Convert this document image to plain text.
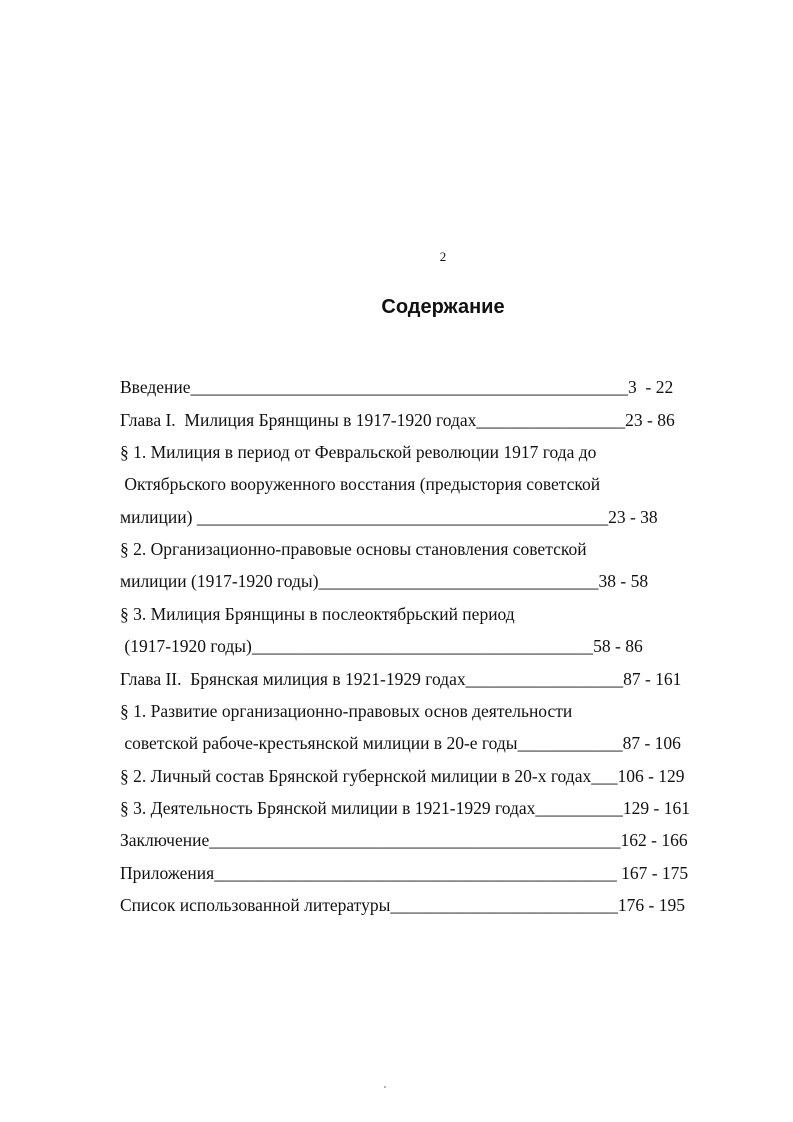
2
Содержание
Введение__________________________________________________3  - 22
Глава I.  Милиция Брянщины в 1917-1920 годах_________________23 - 86
§ 1. Милиция в период от Февральской революции 1917 года до
Октябрьского вооруженного восстания (предыстория советской
милиции) _______________________________________________23 - 38
§ 2. Организационно-правовые основы становления советской
милиции (1917-1920 годы)________________________________38 - 58
§ 3. Милиция Брянщины в послеоктябрьский период
(1917-1920 годы)_______________________________________58 - 86
Глава II.  Брянская милиция в 1921-1929 годах__________________87 - 161
§ 1. Развитие организационно-правовых основ деятельности
советской рабоче-крестьянской милиции в 20-е годы____________87 - 106
§ 2. Личный состав Брянской губернской милиции в 20-х годах___106 - 129
§ 3. Деятельность Брянской милиции в 1921-1929 годах__________129 - 161
Заключение_______________________________________________162 - 166
Приложения______________________________________________ 167 - 175
Список использованной литературы__________________________176 - 195
